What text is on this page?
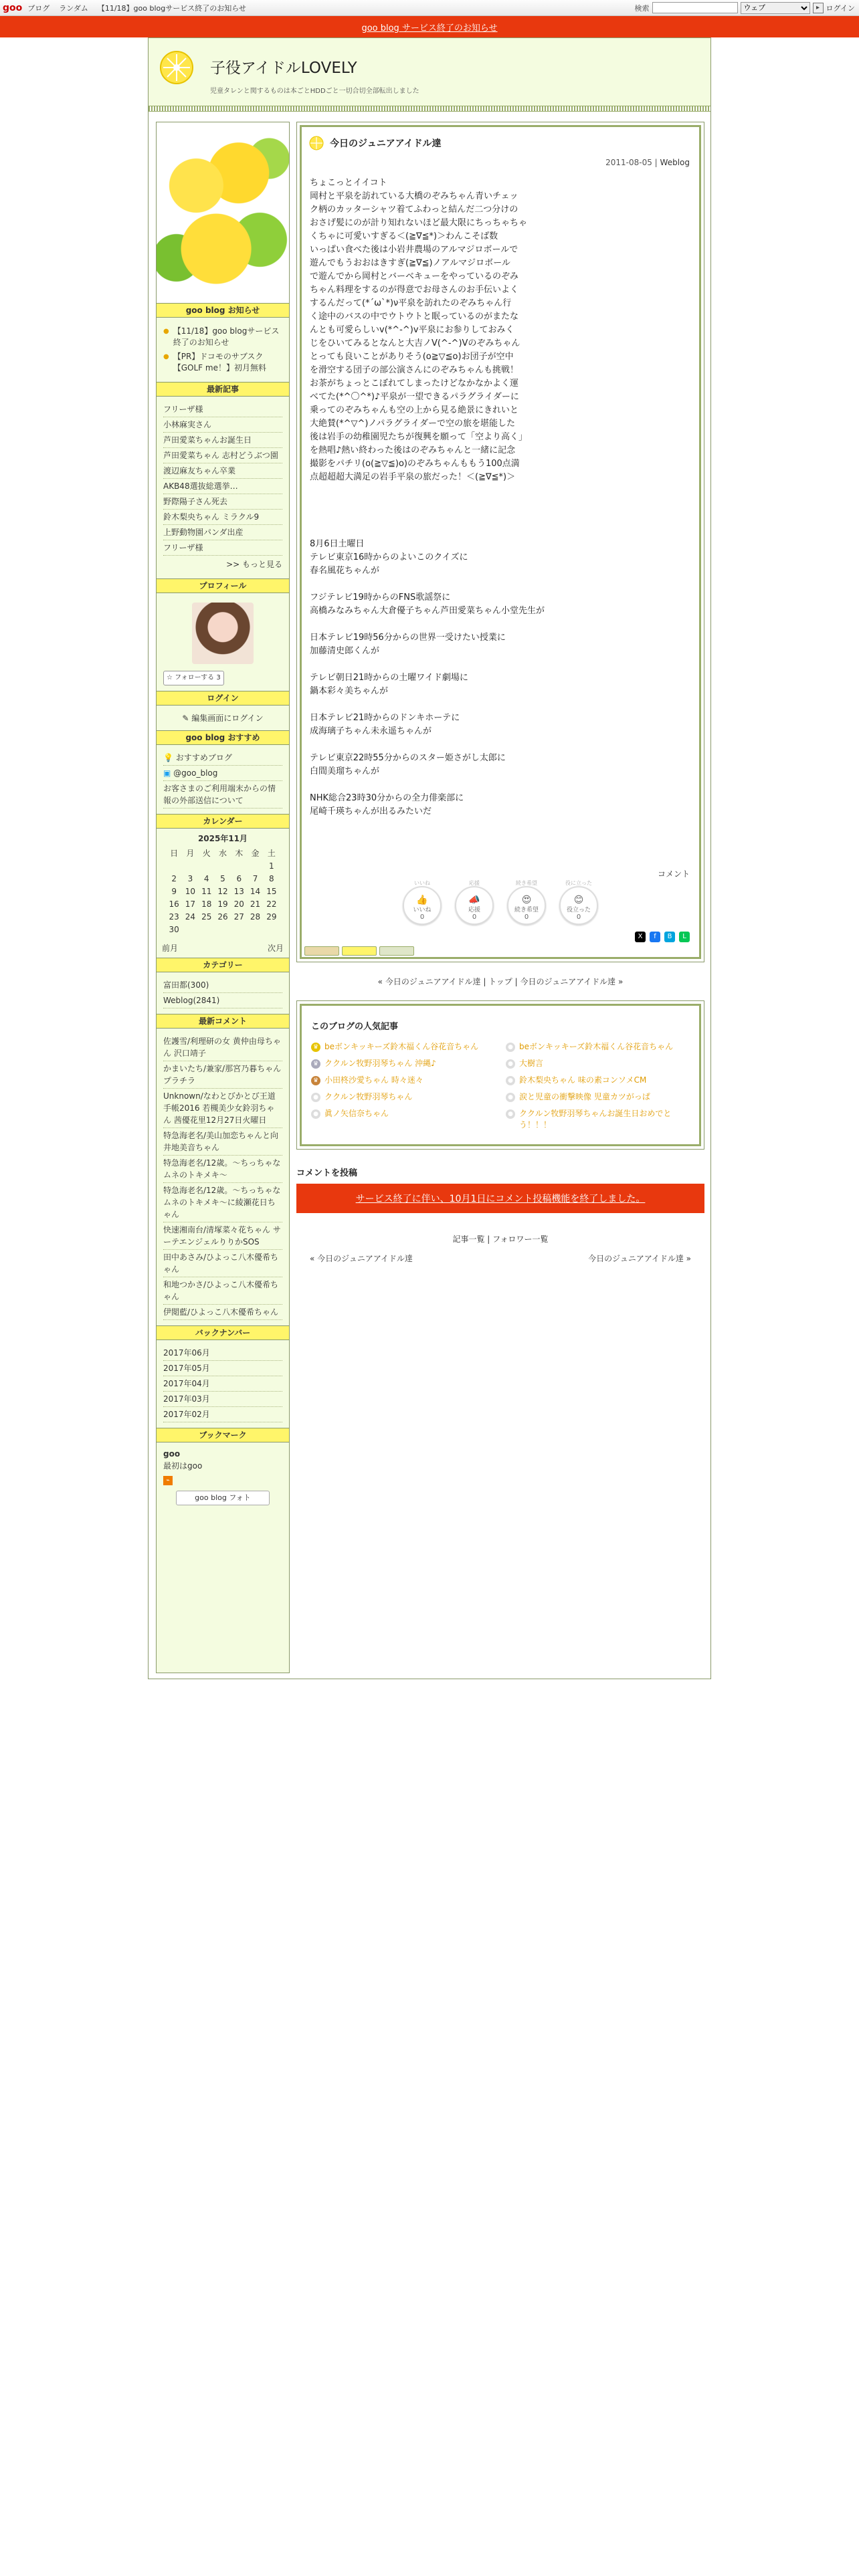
goo ブログ ランダム 【11/18】goo blogサービス終了のお知らせ	検索
ウェブ	▸ ログイン
goo blog サービス終了のお知らせ
子役アイドルLOVELY
児童タレンと関するものは本ごとHDDごと一切合切全部転出しました
goo blog お知らせ
● 【11/18】goo blogサービス終了のお知らせ
● 【PR】ドコモのサブスク【GOLF me！】初月無料
最新記事
フリーザ様
小林麻実さん
芦田愛菜ちゃんお誕生日
芦田愛菜ちゃん 志村どうぶつ園
渡辺麻友ちゃん卒業
AKB48選抜総選挙…
野際陽子さん死去
鈴木梨央ちゃん ミラクル9
上野動物園パンダ出産
フリーザ様
>> もっと見る
プロフィール
☆ フォローする 3
ログイン
✎ 編集画面にログイン
goo blog おすすめ
💡 おすすめブログ
▣ @goo_blog
お客さまのご利用端末からの情報の外部送信について
カレンダー
2025年11月
日	月	火	水	木	金	土
						1
2	3	4	5	6	7	8
9	10	11	12	13	14	15
16	17	18	19	20	21	22
23	24	25	26	27	28	29
30						
前月	次月
カテゴリー
富田都(300)
Weblog(2841)
最新コメント
佐護雪/利理研の女 黄仲由母ちゃん 沢口靖子
かまいたち/兼家/那宮乃暮ちゃん　プラチラ
Unknown/なわとびかとび王道手帳2016 若槻美少女鈴羽ちゃん 茜優花里12月27日火曜日
特急海老名/美山加恋ちゃんと向井地美音ちゃん
特急海老名/12歳。〜ちっちゃなムネのトキメキ〜
特急海老名/12歳。〜ちっちゃなムネのトキメキ〜に綾瀬花日ちゃん
快速湘南台/清塚菜々花ちゃん サーテエンジェルりりかSOS
田中あさみ/ひよっこ八木優希ちゃん
和地つかさ/ひよっこ八木優希ちゃん
伊閲藍/ひよっこ八木優希ちゃん
バックナンバー
2017年06月
2017年05月
2017年04月
2017年03月
2017年02月
ブックマーク
goo
最初はgoo
⌁
goo blog フォト
今日のジュニアアイドル達
2011-08-05 | Weblog
ちょこっとイイコト
岡村と平泉を訪れている大橋のぞみちゃん青いチェッ
ク柄のカッターシャツ着てふわっと結んだ二つ分けの
おさげ髪にのが計り知れないほど最大限にちっちゃちゃ
くちゃに可愛いすぎる＜(≧∇≦*)＞わんこそば数
いっぱい食べた後は小岩井農場のアルマジロボールで
遊んでもうおおはきすぎ(≧∇≦)ノアルマジロボール
で遊んでから岡村とバーベキューをやっているのぞみ
ちゃん料理をするのが得意でお母さんのお手伝いよく
するんだって(*´ω`*)ν平泉を訪れたのぞみちゃん行
く途中のバスの中でウトウトと眠っているのがまたな
んとも可愛らしいv(*^-^)v平泉にお参りしておみく
じをひいてみるとなんと大吉ノV(^-^)Vのぞみちゃん
とっても良いことがありそう(o≧▽≦o)お団子が空中
を滑空する団子の部公演さんにのぞみちゃんも挑戦！
お茶がちょっとこぼれてしまったけどなかなかよく運
べてた(*^〇^*)♪平泉が一望できるパラグライダーに
乗ってのぞみちゃんも空の上から見る絶景にきれいと
大絶賛(*^▽^)ノパラグライダーで空の旅を堪能した
後は岩手の幼稚園児たちが復興を願って「空より高く」
を熱唱♪熱い終わった後はのぞみちゃんと一緒に記念
撮影をパチリ(o(≧▽≦)o)のぞみちゃんももう100点満
点超超超大満足の岩手平泉の旅だった！＜(≧∇≦*)＞

8月6日土曜日
テレビ東京16時からのよいこのクイズに
春名風花ちゃんが

フジテレビ19時からのFNS歌謡祭に
高橋みなみちゃん大倉優子ちゃん芦田愛菜ちゃん小堂先生が

日本テレビ19時56分からの世界一受けたい授業に
加藤清史郎くんが

テレビ朝日21時からの土曜ワイド劇場に
鍋本彩々美ちゃんが

日本テレビ21時からのドンキホーテに
成海璃子ちゃん未永遥ちゃんが

テレビ東京22時55分からのスター姫さがし太郎に
白間美瑠ちゃんが

NHK総合23時30分からの全力俳楽部に
尾崎千瑛ちゃんが出るみたいだ
コメント
いいね
👍
いいね
0
応援
📣
応援
0
続き希望
😍
続き希望
0
役に立った
😊
役立った
0
X	f	B	L
« 今日のジュニアアイドル達 | トップ | 今日のジュニアアイドル達 »
このブログの人気記事
♛ beボンキッキーズ鈴木福くん谷花音ちゃん	● beボンキッキーズ鈴木福くん谷花音ちゃん
♛ ククルン牧野羽琴ちゃん 沖縄♪	● 大樹言
♛ 小田柊沙愛ちゃん 時々迷々	● 鈴木梨央ちゃん 味の素コンソメCM
● ククルン牧野羽琴ちゃん	● 涙と児童の衝撃映像 児童カツがっぱ
● 眞ノ矢信奈ちゃん	● ククルン牧野羽琴ちゃんお誕生日おめでとう！！！
コメントを投稿
サービス終了に伴い、10月1日にコメント投稿機能を終了しました。
記事一覧 | フォロワー一覧
« 今日のジュニアアイドル達	今日のジュニアアイドル達 »
